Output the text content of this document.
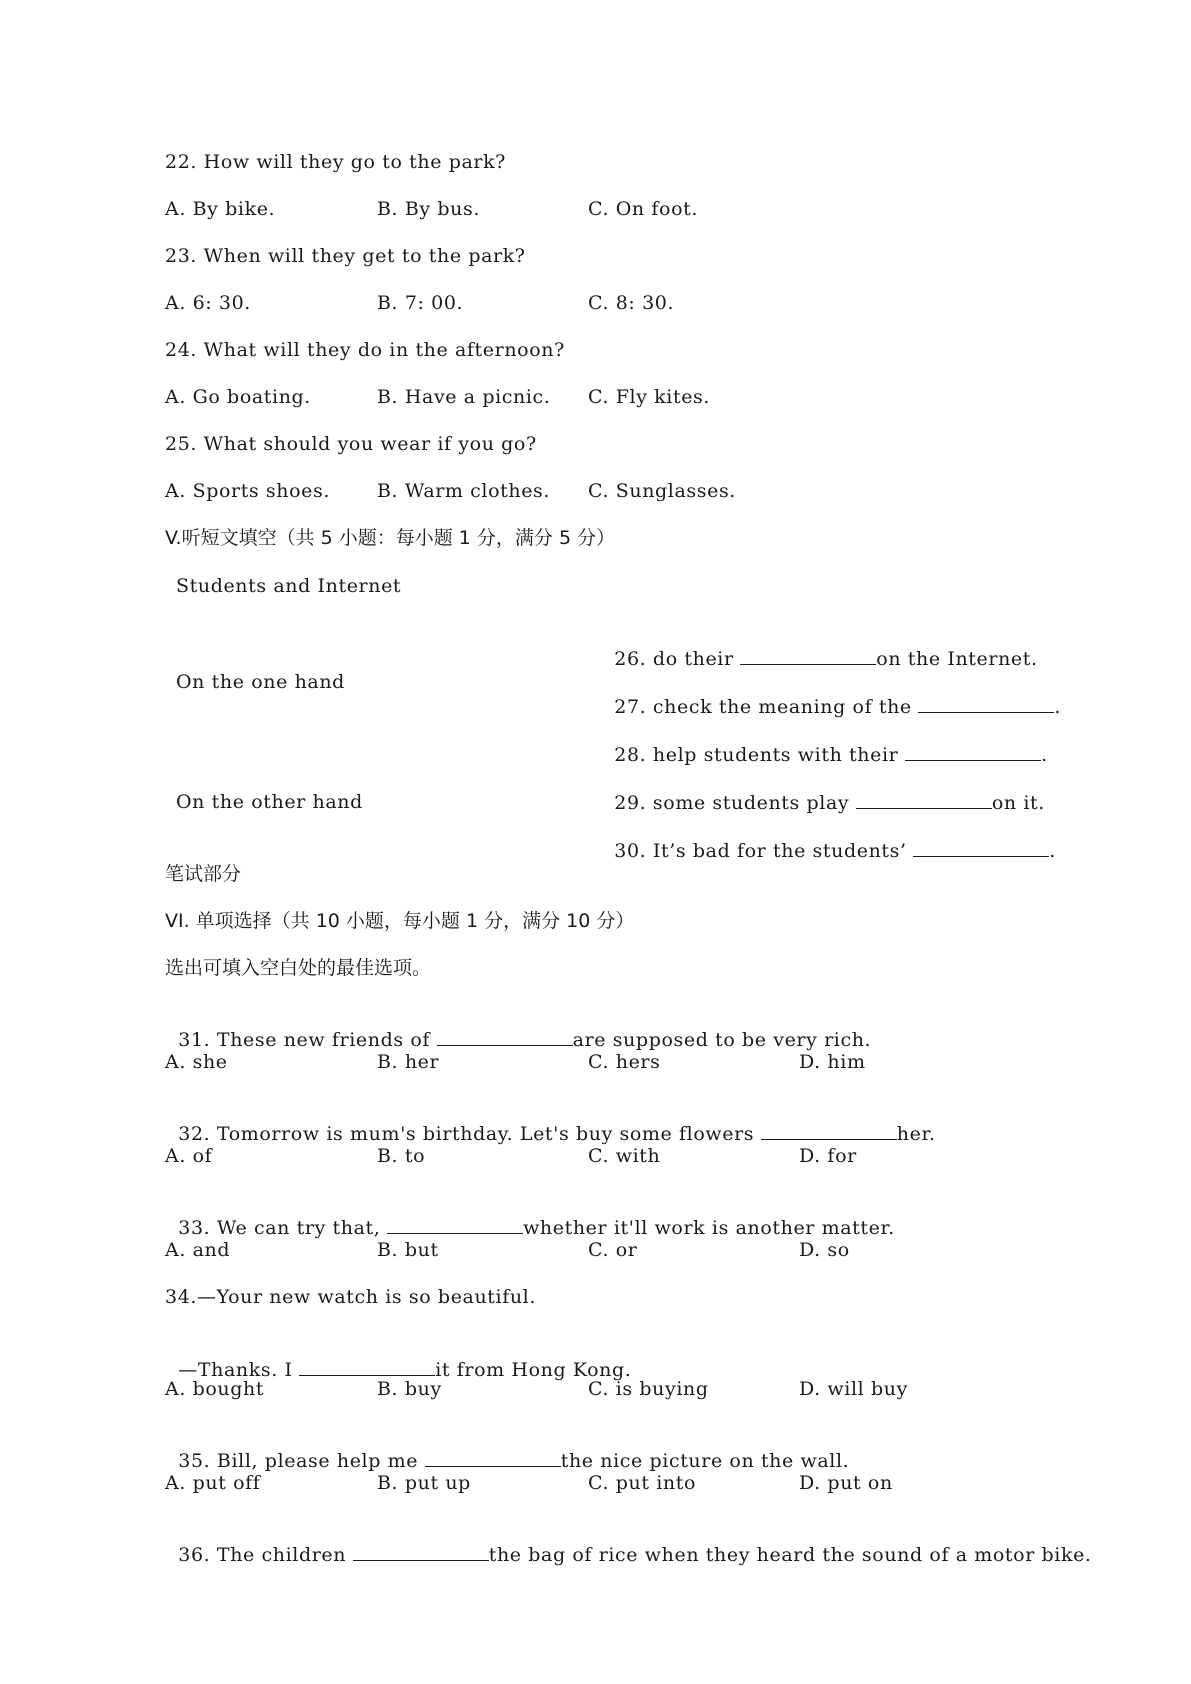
22. How will they go to the park?
A. By bike.	B. By bus.	C. On foot.
23. When will they get to the park?
A. 6: 30.	B. 7: 00.	C. 8: 30.
24. What will they do in the afternoon?
A. Go boating.	B. Have a picnic. C. Fly kites.
25. What should you wear if you go?
A. Sports shoes. B. Warm clothes. C. Sunglasses.
V.听短文填空（共 5 小题：每小题 1 分，满分 5 分）
Students and Internet
On the one hand
On the other hand

26. do their	on the Internet.

27. check the meaning of the	.

28. help students with their	.

29. some students play	on it.

30. It’s bad for the students’	.

笔试部分
VI. 单项选择（共 10 小题，每小题 1 分，满分 10 分）
选出可填入空白处的最佳选项。

31. These new friends of	are supposed to be very rich.

A. she	B. her	C. hers	D. him

32. Tomorrow is mum's birthday. Let's buy some flowers	her.

A. of	B. to	C. with	D. for

33. We can try that,	whether it'll work is another matter.

A. and	B. but	C. or	D. so
34.—Your new watch is so beautiful.

—Thanks. I	it from Hong Kong.

A. bought	B. buy	C. is buying	D. will buy

35. Bill, please help me	the nice picture on the wall.

A. put off	B. put up	C. put into	D. put on

36. The children	the bag of rice when they heard the sound of a motor bike.
